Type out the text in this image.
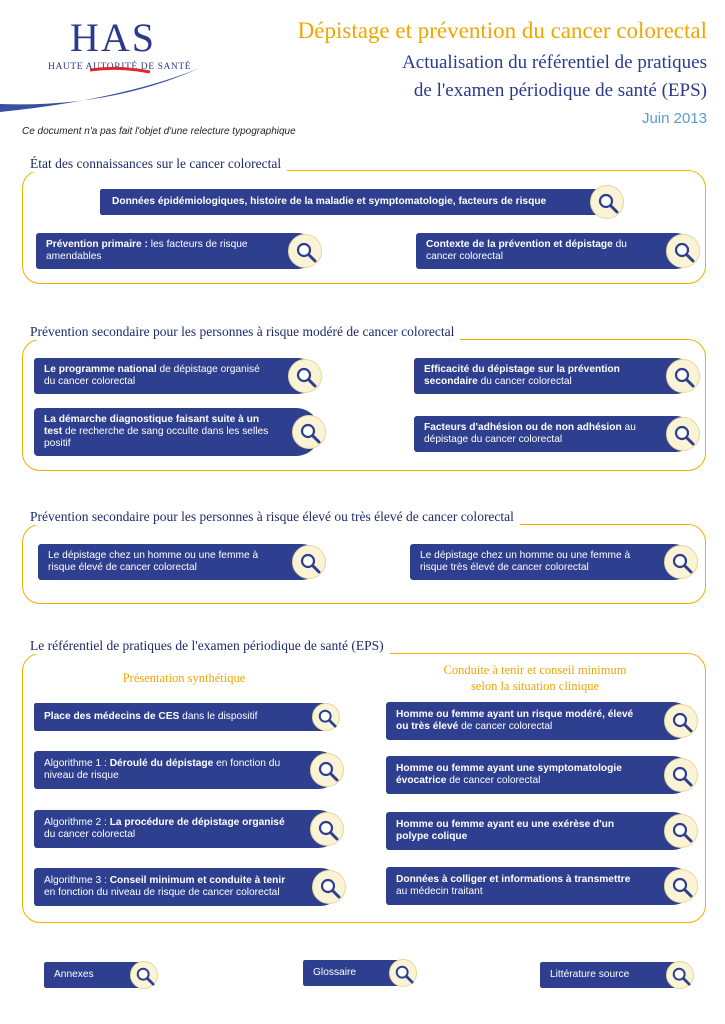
HAS
HAUTE AUTORITÉ DE SANTÉ
Dépistage et prévention du cancer colorectal
Actualisation du référentiel de pratiques
de l'examen périodique de santé (EPS)
Juin 2013
Ce document n'a pas fait l'objet d'une relecture typographique
État des connaissances sur le cancer colorectal
Données épidémiologiques, histoire de la maladie et symptomatologie, facteurs de risque
Prévention primaire : les facteurs de risque amendables
Contexte de la prévention et dépistage du cancer colorectal
Prévention secondaire pour les personnes à risque modéré de cancer colorectal
Le programme national de dépistage organisé du cancer colorectal
Efficacité du dépistage sur la prévention secondaire du cancer colorectal
La démarche diagnostique faisant suite à un test de recherche de sang occulte dans les selles positif
Facteurs d'adhésion ou de non adhésion au dépistage du cancer colorectal
Prévention secondaire pour les personnes à risque élevé ou très élevé de cancer colorectal
Le dépistage chez un homme ou une femme à risque élevé de cancer colorectal
Le dépistage chez un homme ou une femme à risque très élevé de cancer colorectal
Le référentiel de pratiques de l'examen périodique de santé (EPS)
Présentation synthétique
Conduite à tenir et conseil minimum
selon la situation clinique
Place des médecins de CES dans le dispositif
Algorithme 1 : Déroulé du dépistage en fonction du niveau de risque
Algorithme 2 : La procédure de dépistage organisé du cancer colorectal
Algorithme 3 : Conseil minimum et conduite à tenir en fonction du niveau de risque de cancer colorectal
Homme ou femme ayant un risque modéré, élevé ou très élevé de cancer colorectal
Homme ou femme ayant une symptomatologie évocatrice de cancer colorectal
Homme ou femme ayant eu une exérèse d'un polype colique
Données à colliger et informations à transmettre au médecin traitant
Annexes	Glossaire	Littérature source
